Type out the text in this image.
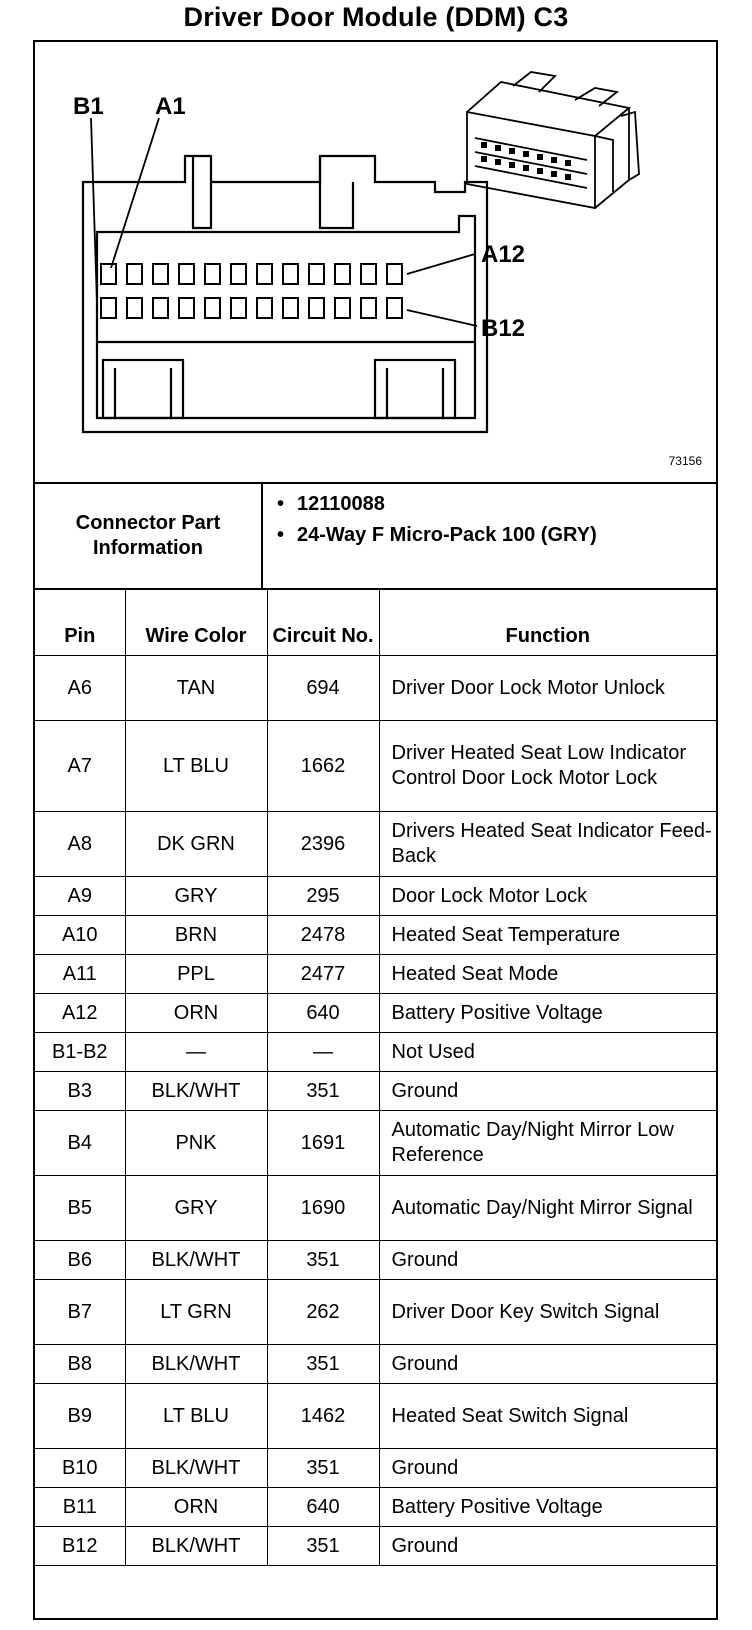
Driver Door Module (DDM) C3
B1 A1
A12
B12
73156
Connector Part Information
• 12110088
• 24-Way F Micro-Pack 100 (GRY)
Pin	Wire Color	Circuit No.	Function
A6	TAN	694	Driver Door Lock Motor Unlock
A7	LT BLU	1662	Driver Heated Seat Low Indicator Control Door Lock Motor Lock
A8	DK GRN	2396	Drivers Heated Seat Indicator Feed-Back
A9	GRY	295	Door Lock Motor Lock
A10	BRN	2478	Heated Seat Temperature
A11	PPL	2477	Heated Seat Mode
A12	ORN	640	Battery Positive Voltage
B1-B2	—	—	Not Used
B3	BLK/WHT	351	Ground
B4	PNK	1691	Automatic Day/Night Mirror Low Reference
B5	GRY	1690	Automatic Day/Night Mirror Signal
B6	BLK/WHT	351	Ground
B7	LT GRN	262	Driver Door Key Switch Signal
B8	BLK/WHT	351	Ground
B9	LT BLU	1462	Heated Seat Switch Signal
B10	BLK/WHT	351	Ground
B11	ORN	640	Battery Positive Voltage
B12	BLK/WHT	351	Ground
